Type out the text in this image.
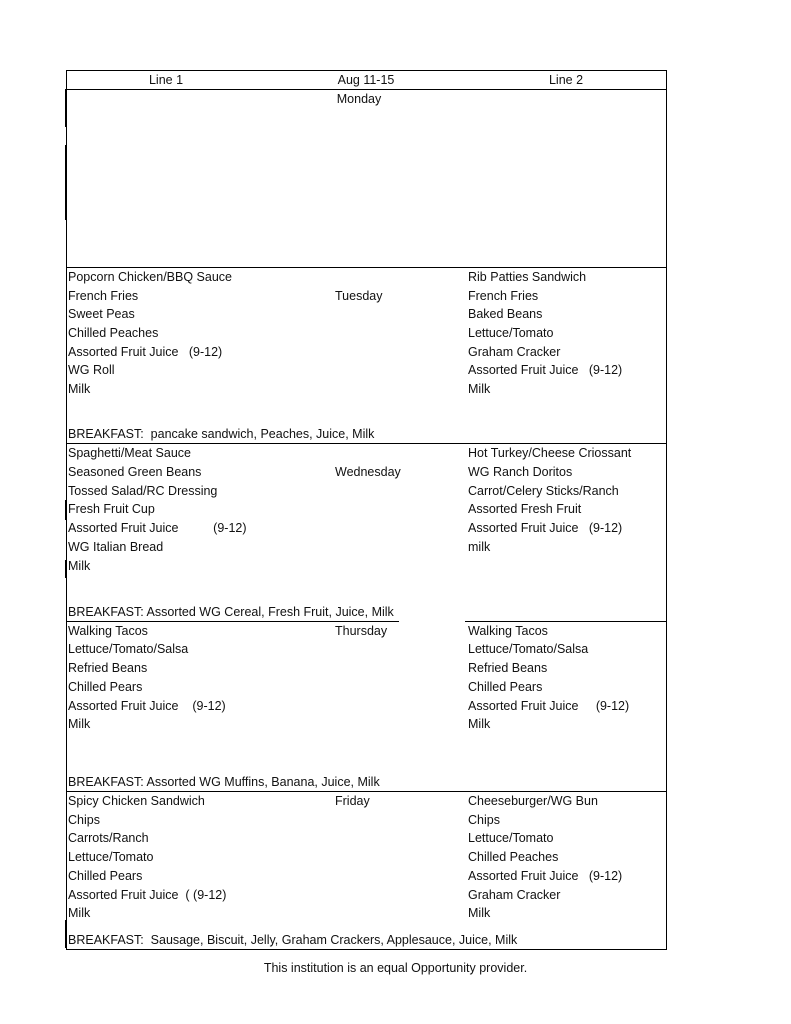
Line 1	Aug 11-15	Line 2
Monday
Tuesday
Popcorn Chicken/BBQ Sauce
French Fries
Sweet Peas
Chilled Peaches
Assorted Fruit Juice   (9-12)
WG Roll
Milk
Rib Patties Sandwich
French Fries
Baked Beans
Lettuce/Tomato
Graham Cracker
Assorted Fruit Juice   (9-12)
Milk
BREAKFAST:  pancake sandwich, Peaches, Juice, Milk
Wednesday
Spaghetti/Meat Sauce
Seasoned Green Beans
Tossed Salad/RC Dressing
Fresh Fruit Cup
Assorted Fruit Juice          (9-12)
WG Italian Bread
Milk
Hot Turkey/Cheese Criossant
WG Ranch Doritos
Carrot/Celery Sticks/Ranch
Assorted Fresh Fruit
Assorted Fruit Juice   (9-12)
milk
BREAKFAST: Assorted WG Cereal, Fresh Fruit, Juice, Milk
Thursday
Walking Tacos
Lettuce/Tomato/Salsa
Refried Beans
Chilled Pears
Assorted Fruit Juice    (9-12)
Milk
Walking Tacos
Lettuce/Tomato/Salsa
Refried Beans
Chilled Pears
Assorted Fruit Juice     (9-12)
Milk
BREAKFAST: Assorted WG Muffins, Banana, Juice, Milk
Friday
Spicy Chicken Sandwich
Chips
Carrots/Ranch
Lettuce/Tomato
Chilled Pears
Assorted Fruit Juice  ( (9-12)
Milk
Cheeseburger/WG Bun
Chips
Lettuce/Tomato
Chilled Peaches
Assorted Fruit Juice   (9-12)
Graham Cracker
Milk
BREAKFAST:  Sausage, Biscuit, Jelly, Graham Crackers, Applesauce, Juice, Milk
This institution is an equal Opportunity provider.
